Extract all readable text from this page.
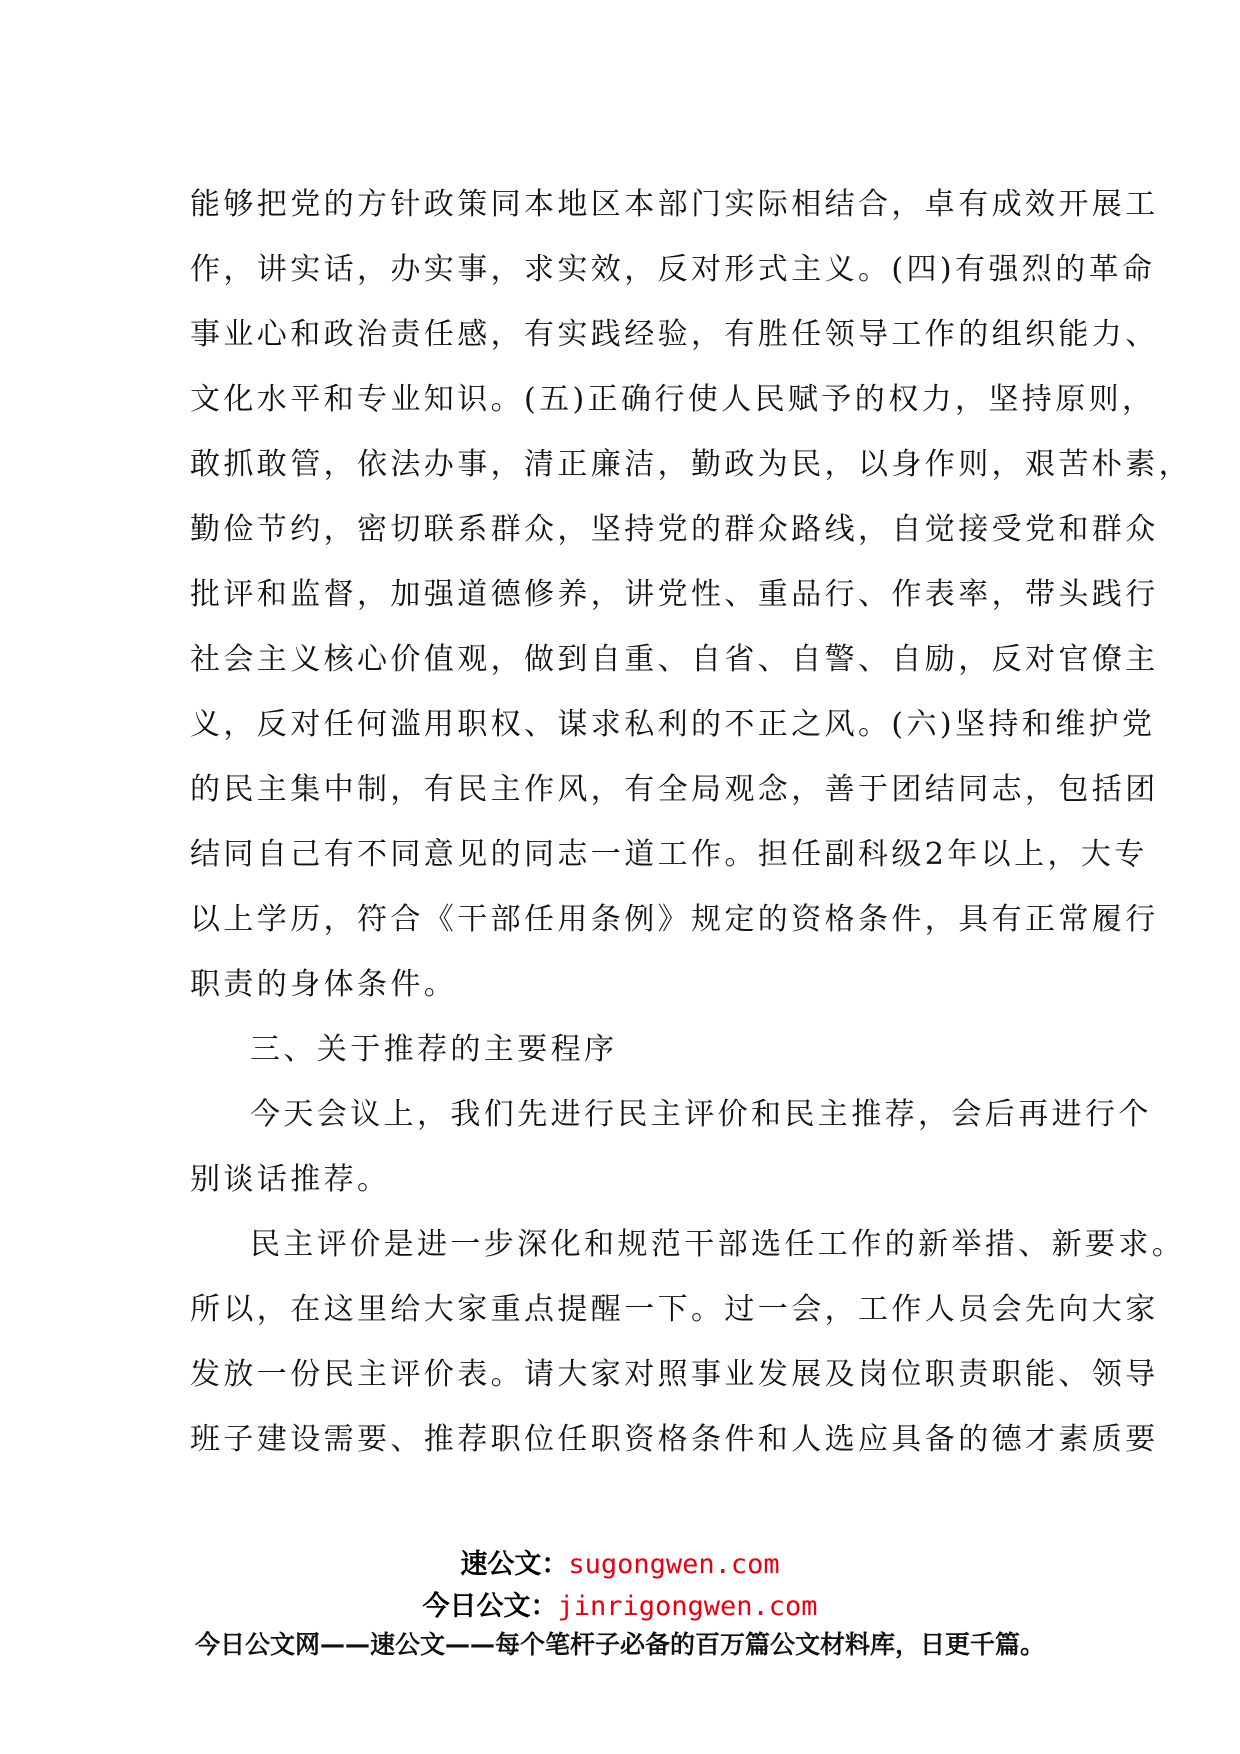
能够把党的方针政策同本地区本部门实际相结合，卓有成效开展工
作，讲实话，办实事，求实效，反对形式主义。(四)有强烈的革命
事业心和政治责任感，有实践经验，有胜任领导工作的组织能力、
文化水平和专业知识。(五)正确行使人民赋予的权力，坚持原则，
敢抓敢管，依法办事，清正廉洁，勤政为民，以身作则，艰苦朴素，
勤俭节约，密切联系群众，坚持党的群众路线，自觉接受党和群众
批评和监督，加强道德修养，讲党性、重品行、作表率，带头践行
社会主义核心价值观，做到自重、自省、自警、自励，反对官僚主
义，反对任何滥用职权、谋求私利的不正之风。(六)坚持和维护党
的民主集中制，有民主作风，有全局观念，善于团结同志，包括团
结同自己有不同意见的同志一道工作。担任副科级2年以上，大专
以上学历，符合《干部任用条例》规定的资格条件，具有正常履行
职责的身体条件。
三、关于推荐的主要程序
今天会议上，我们先进行民主评价和民主推荐，会后再进行个
别谈话推荐。
民主评价是进一步深化和规范干部选任工作的新举措、新要求。
所以，在这里给大家重点提醒一下。过一会，工作人员会先向大家
发放一份民主评价表。请大家对照事业发展及岗位职责职能、领导
班子建设需要、推荐职位任职资格条件和人选应具备的德才素质要
速公文：sugongwen.com
今日公文：jinrigongwen.com
今日公文网——速公文——每个笔杆子必备的百万篇公文材料库，日更千篇。
